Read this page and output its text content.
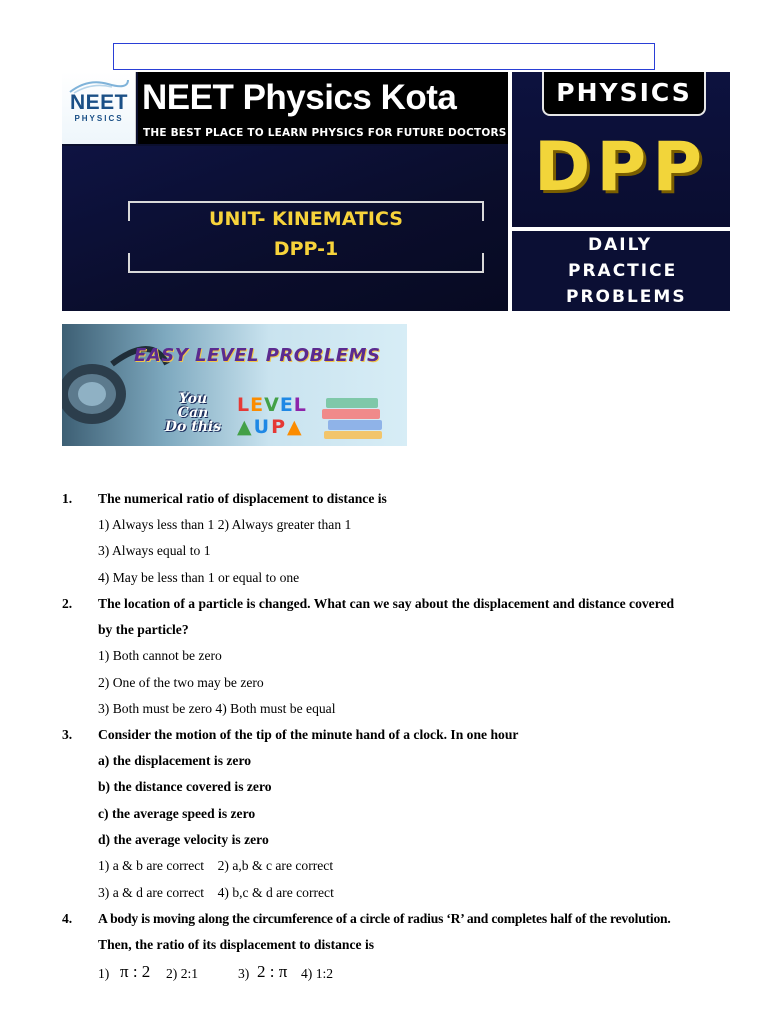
NEET
PHYSICS
NEET Physics Kota
THE BEST PLACE TO LEARN PHYSICS FOR FUTURE DOCTORS
UNIT- KINEMATICS
DPP-1
PHYSICS
DPP
DAILY
PRACTICE
PROBLEMS
EASY LEVEL PROBLEMS
You
Can
Do this
LEVEL
▲UP▲
1. The numerical ratio of displacement to distance is
1) Always less than 1 2) Always greater than 1
3) Always equal to 1
4) May be less than 1 or equal to one
2. The location of a particle is changed. What can we say about the displacement and distance covered
by the particle?
1) Both cannot be zero
2) One of the two may be zero
3) Both must be zero 4) Both must be equal
3. Consider the motion of the tip of the minute hand of a clock. In one hour
a) the displacement is zero
b) the distance covered is zero
c) the average speed is zero
d) the average velocity is zero
1) a & b are correct    2) a,b & c are correct
3) a & d are correct    4) b,c & d are correct
4. A body is moving along the circumference of a circle of radius ‘R’ and completes half of the revolution.
Then, the ratio of its displacement to distance is
1) π : 2 2) 2:1	3) 2 : π 4) 1:2
